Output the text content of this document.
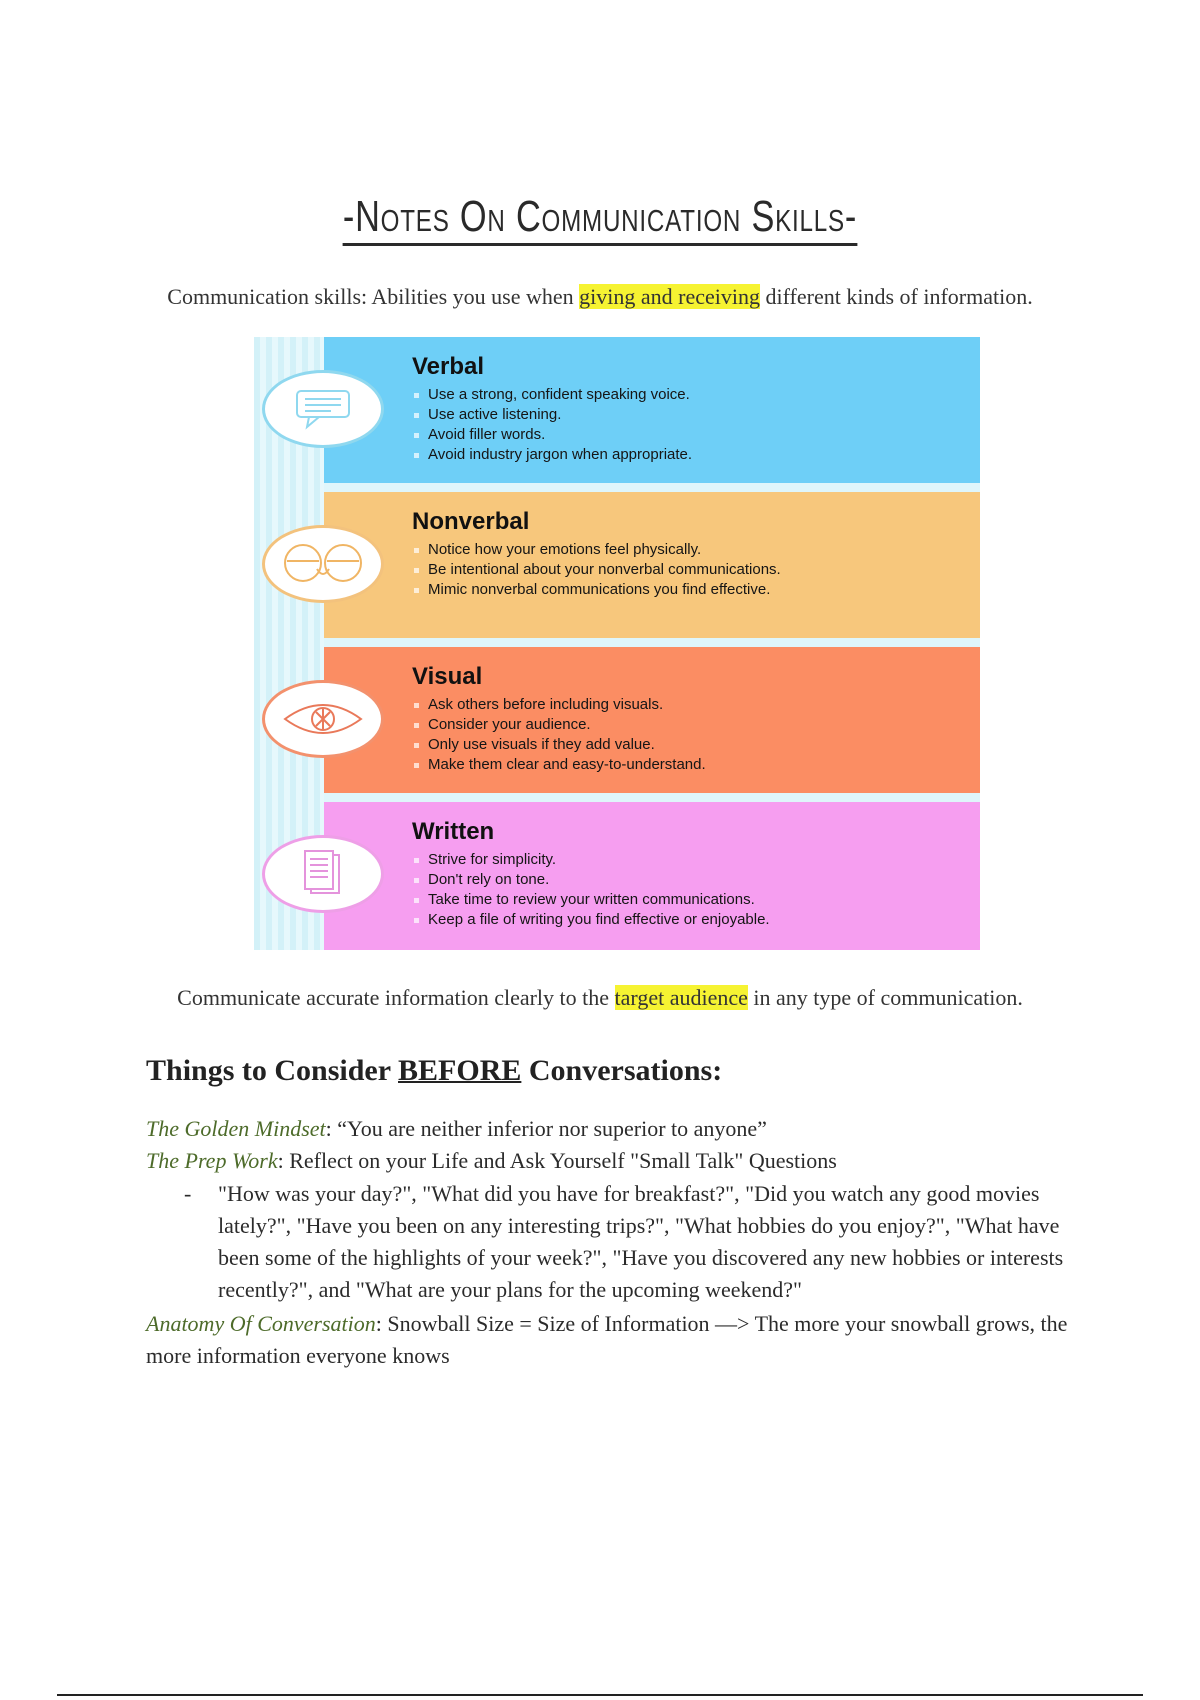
-Notes On Communication Skills-
Communication skills: Abilities you use when giving and receiving different kinds of information.
Verbal
Use a strong, confident speaking voice.
Use active listening.
Avoid filler words.
Avoid industry jargon when appropriate.
Nonverbal
Notice how your emotions feel physically.
Be intentional about your nonverbal communications.
Mimic nonverbal communications you find effective.
Visual
Ask others before including visuals.
Consider your audience.
Only use visuals if they add value.
Make them clear and easy-to-understand.
Written
Strive for simplicity.
Don't rely on tone.
Take time to review your written communications.
Keep a file of writing you find effective or enjoyable.
Communicate accurate information clearly to the target audience in any type of communication.
Things to Consider BEFORE Conversations:
The Golden Mindset: “You are neither inferior nor superior to anyone”
The Prep Work: Reflect on your Life and Ask Yourself "Small Talk" Questions
- "How was your day?", "What did you have for breakfast?", "Did you watch any good movies lately?", "Have you been on any interesting trips?", "What hobbies do you enjoy?", "What have been some of the highlights of your week?", "Have you discovered any new hobbies or interests recently?", and "What are your plans for the upcoming weekend?"
Anatomy Of Conversation: Snowball Size = Size of Information —> The more your snowball grows, the more information everyone knows
